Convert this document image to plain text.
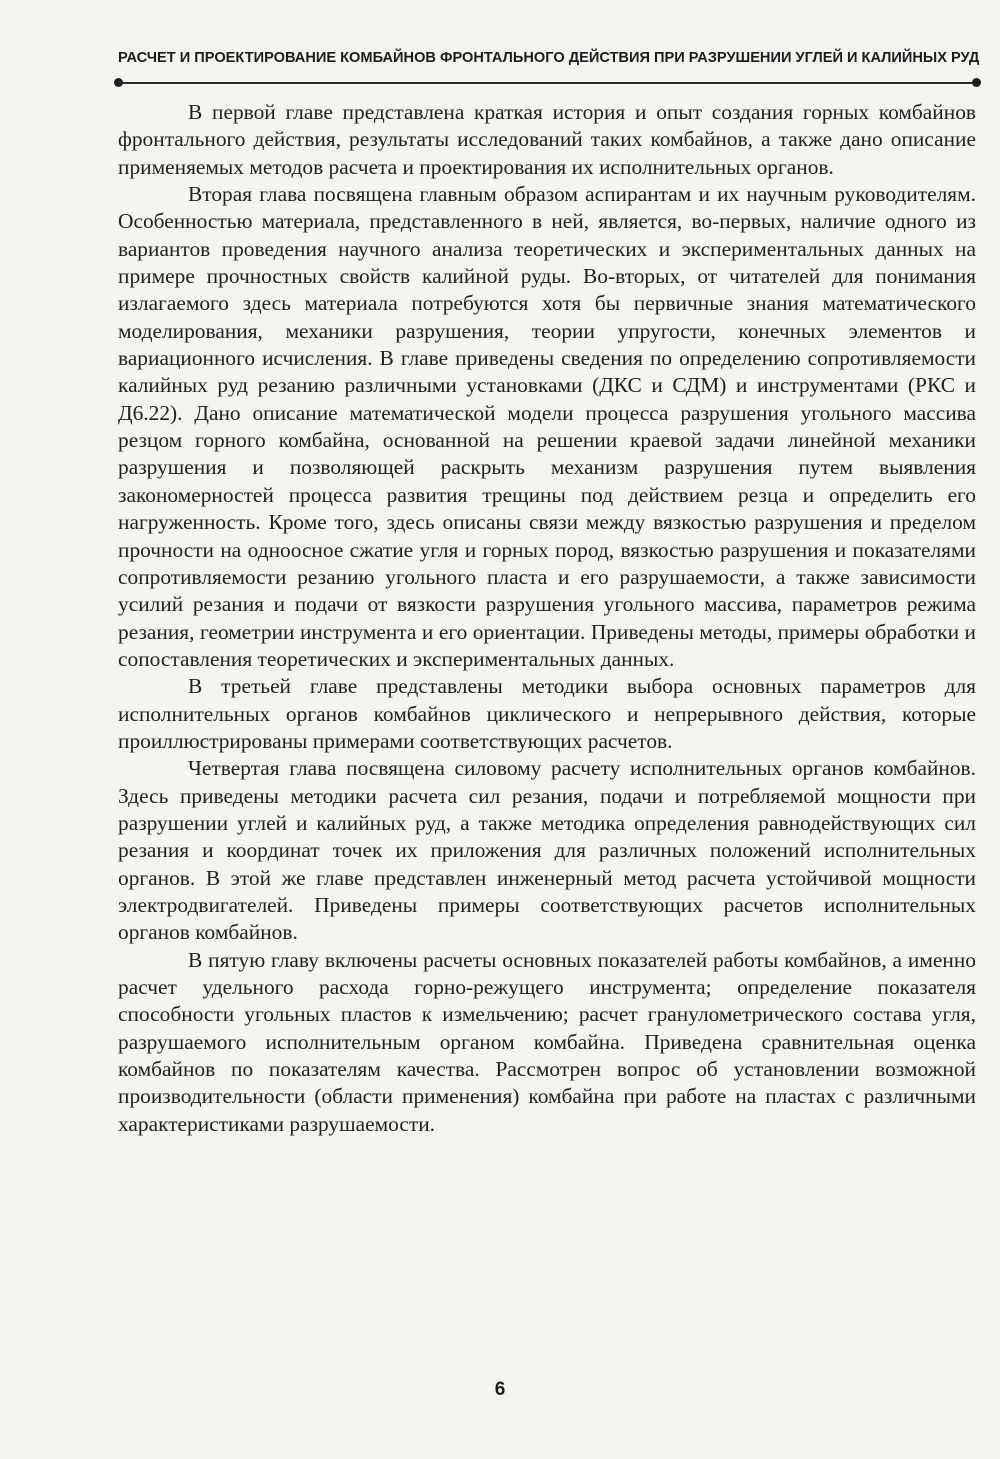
РАСЧЕТ И ПРОЕКТИРОВАНИЕ КОМБАЙНОВ ФРОНТАЛЬНОГО ДЕЙСТВИЯ ПРИ РАЗРУШЕНИИ УГЛЕЙ И КАЛИЙНЫХ РУД

В первой главе представлена краткая история и опыт создания горных комбайнов фронтального действия, результаты исследований таких комбайнов, а также дано описание применяемых методов расчета и проектирования их исполнительных органов.

Вторая глава посвящена главным образом аспирантам и их научным руководителям. Особенностью материала, представленного в ней, является, во-первых, наличие одного из вариантов проведения научного анализа теоретических и экспериментальных данных на примере прочностных свойств калийной руды. Во-вторых, от читателей для понимания излагаемого здесь материала потребуются хотя бы первичные знания математического моделирования, механики разрушения, теории упругости, конечных элементов и вариационного исчисления. В главе приведены сведения по определению сопротивляемости калийных руд резанию различными установками (ДКС и СДМ) и инструментами (РКС и Д6.22). Дано описание математической модели процесса разрушения угольного массива резцом горного комбайна, основанной на решении краевой задачи линейной механики разрушения и позволяющей раскрыть механизм разрушения путем выявления закономерностей процесса развития трещины под действием резца и определить его нагруженность. Кроме того, здесь описаны связи между вязкостью разрушения и пределом прочности на одноосное сжатие угля и горных пород, вязкостью разрушения и показателями сопротивляемости резанию угольного пласта и его разрушаемости, а также зависимости усилий резания и подачи от вязкости разрушения угольного массива, параметров режима резания, геометрии инструмента и его ориентации. Приведены методы, примеры обработки и сопоставления теоретических и экспериментальных данных.

В третьей главе представлены методики выбора основных параметров для исполнительных органов комбайнов циклического и непрерывного действия, которые проиллюстрированы примерами соответствующих расчетов.

Четвертая глава посвящена силовому расчету исполнительных органов комбайнов. Здесь приведены методики расчета сил резания, подачи и потребляемой мощности при разрушении углей и калийных руд, а также методика определения равнодействующих сил резания и координат точек их приложения для различных положений исполнительных органов. В этой же главе представлен инженерный метод расчета устойчивой мощности электродвигателей. Приведены примеры соответствующих расчетов исполнительных органов комбайнов.

В пятую главу включены расчеты основных показателей работы комбайнов, а именно расчет удельного расхода горно-режущего инструмента; определение показателя способности угольных пластов к измельчению; расчет гранулометрического состава угля, разрушаемого исполнительным органом комбайна. Приведена сравнительная оценка комбайнов по показателям качества. Рассмотрен вопрос об установлении возможной производительности (области применения) комбайна при работе на пластах с различными характеристиками разрушаемости.

6
